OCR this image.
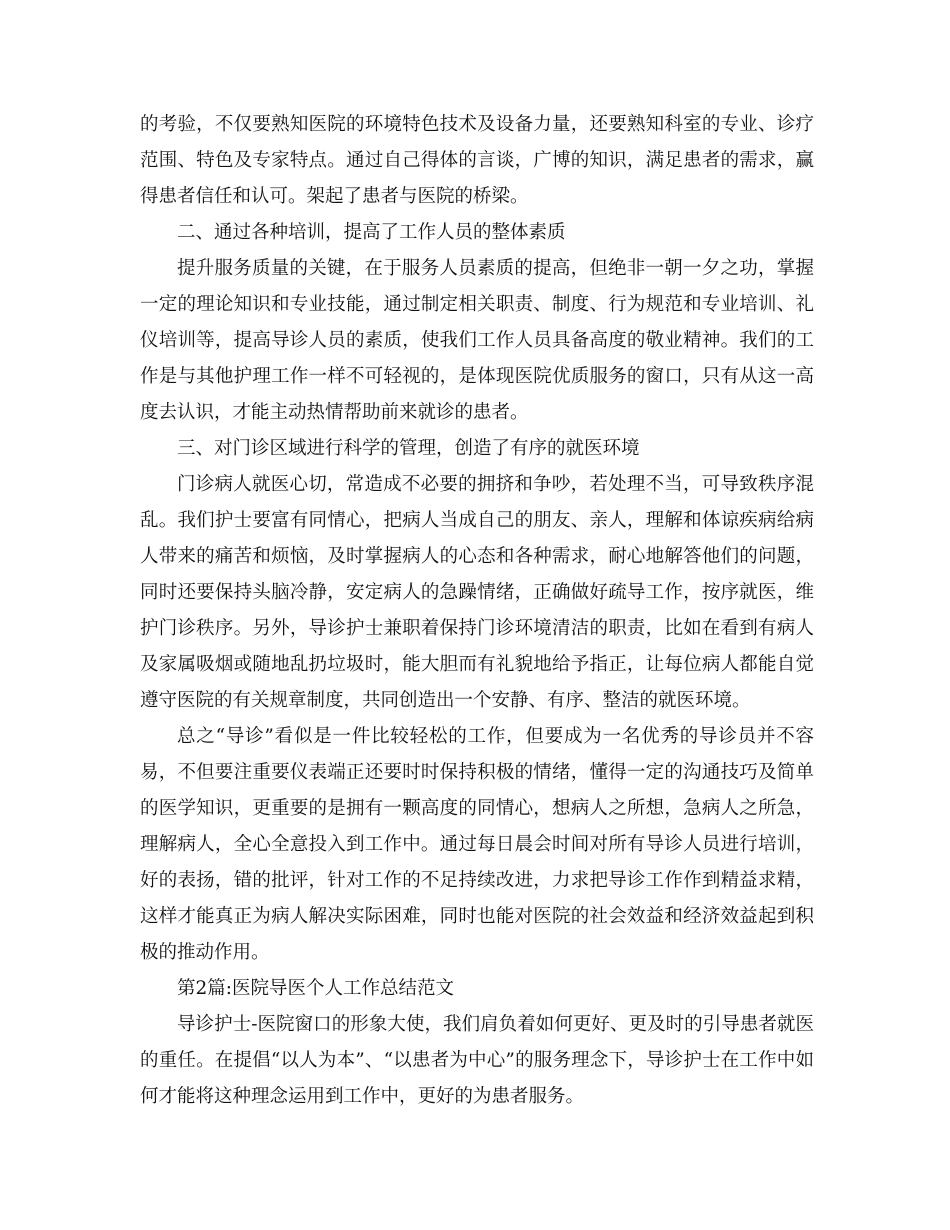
的考验，不仅要熟知医院的环境特色技术及设备力量，还要熟知科室的专业、诊疗范围、特色及专家特点。通过自己得体的言谈，广博的知识，满足患者的需求，赢得患者信任和认可。架起了患者与医院的桥梁。

二、通过各种培训，提高了工作人员的整体素质

提升服务质量的关键，在于服务人员素质的提高，但绝非一朝一夕之功，掌握一定的理论知识和专业技能，通过制定相关职责、制度、行为规范和专业培训、礼仪培训等，提高导诊人员的素质，使我们工作人员具备高度的敬业精神。我们的工作是与其他护理工作一样不可轻视的，是体现医院优质服务的窗口，只有从这一高度去认识，才能主动热情帮助前来就诊的患者。

三、对门诊区域进行科学的管理，创造了有序的就医环境

门诊病人就医心切，常造成不必要的拥挤和争吵，若处理不当，可导致秩序混乱。我们护士要富有同情心，把病人当成自己的朋友、亲人，理解和体谅疾病给病人带来的痛苦和烦恼，及时掌握病人的心态和各种需求，耐心地解答他们的问题，同时还要保持头脑冷静，安定病人的急躁情绪，正确做好疏导工作，按序就医，维护门诊秩序。另外，导诊护士兼职着保持门诊环境清洁的职责，比如在看到有病人及家属吸烟或随地乱扔垃圾时，能大胆而有礼貌地给予指正，让每位病人都能自觉遵守医院的有关规章制度，共同创造出一个安静、有序、整洁的就医环境。

总之“导诊”看似是一件比较轻松的工作，但要成为一名优秀的导诊员并不容易，不但要注重要仪表端正还要时时保持积极的情绪，懂得一定的沟通技巧及简单的医学知识，更重要的是拥有一颗高度的同情心，想病人之所想，急病人之所急，理解病人，全心全意投入到工作中。通过每日晨会时间对所有导诊人员进行培训，好的表扬，错的批评，针对工作的不足持续改进，力求把导诊工作作到精益求精，这样才能真正为病人解决实际困难，同时也能对医院的社会效益和经济效益起到积极的推动作用。

第2篇:医院导医个人工作总结范文

导诊护士-医院窗口的形象大使，我们肩负着如何更好、更及时的引导患者就医的重任。在提倡“以人为本”、“以患者为中心”的服务理念下，导诊护士在工作中如何才能将这种理念运用到工作中，更好的为患者服务。
